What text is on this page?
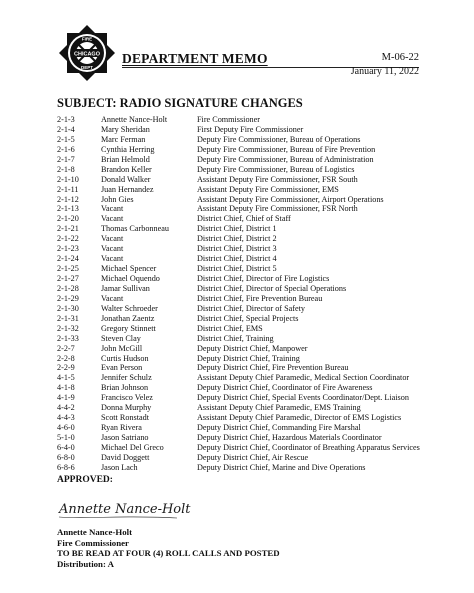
CHICAGO
FIRE
DEPT
DEPARTMENT MEMO	M-06-22
January 11, 2022
SUBJECT: RADIO SIGNATURE CHANGES
2-1-3	Annette Nance-Holt	Fire Commissioner
2-1-4	Mary Sheridan	First Deputy Fire Commissioner
2-1-5	Marc Ferman	Deputy Fire Commissioner, Bureau of Operations
2-1-6	Cynthia Herring	Deputy Fire Commissioner, Bureau of Fire Prevention
2-1-7	Brian Helmold	Deputy Fire Commissioner, Bureau of Administration
2-1-8	Brandon Keller	Deputy Fire Commissioner, Bureau of Logistics
2-1-10	Donald Walker	Assistant Deputy Fire Commissioner, FSR South
2-1-11	Juan Hernandez	Assistant Deputy Fire Commissioner, EMS
2-1-12	John Gies	Assistant Deputy Fire Commissioner, Airport Operations
2-1-13	Vacant	Assistant Deputy Fire Commissioner, FSR North
2-1-20	Vacant	District Chief, Chief of Staff
2-1-21	Thomas Carbonneau	District Chief, District 1
2-1-22	Vacant	District Chief, District 2
2-1-23	Vacant	District Chief, District 3
2-1-24	Vacant	District Chief, District 4
2-1-25	Michael Spencer	District Chief, District 5
2-1-27	Michael Oquendo	District Chief, Director of Fire Logistics
2-1-28	Jamar Sullivan	District Chief, Director of Special Operations
2-1-29	Vacant	District Chief, Fire Prevention Bureau
2-1-30	Walter Schroeder	District Chief, Director of Safety
2-1-31	Jonathan Zaentz	District Chief, Special Projects
2-1-32	Gregory Stinnett	District Chief, EMS
2-1-33	Steven Clay	District Chief, Training
2-2-7	John McGill	Deputy District Chief, Manpower
2-2-8	Curtis Hudson	Deputy District Chief, Training
2-2-9	Evan Person	Deputy District Chief, Fire Prevention Bureau
4-1-5	Jennifer Schulz	Assistant Deputy Chief Paramedic, Medical Section Coordinator
4-1-8	Brian Johnson	Deputy District Chief, Coordinator of Fire Awareness
4-1-9	Francisco Velez	Deputy District Chief, Special Events Coordinator/Dept. Liaison
4-4-2	Donna Murphy	Assistant Deputy Chief Paramedic, EMS Training
4-4-3	Scott Ronstadt	Assistant Deputy Chief Paramedic, Director of EMS Logistics
4-6-0	Ryan Rivera	Deputy District Chief, Commanding Fire Marshal
5-1-0	Jason Satriano	Deputy District Chief, Hazardous Materials Coordinator
6-4-0	Michael Del Greco	Deputy District Chief, Coordinator of Breathing Apparatus Services
6-8-0	David Doggett	Deputy District Chief, Air Rescue
6-8-6	Jason Lach	Deputy District Chief, Marine and Dive Operations
APPROVED:
Annette Nance-Holt
Annette Nance-Holt
Fire Commissioner
TO BE READ AT FOUR (4) ROLL CALLS AND POSTED
Distribution: A
